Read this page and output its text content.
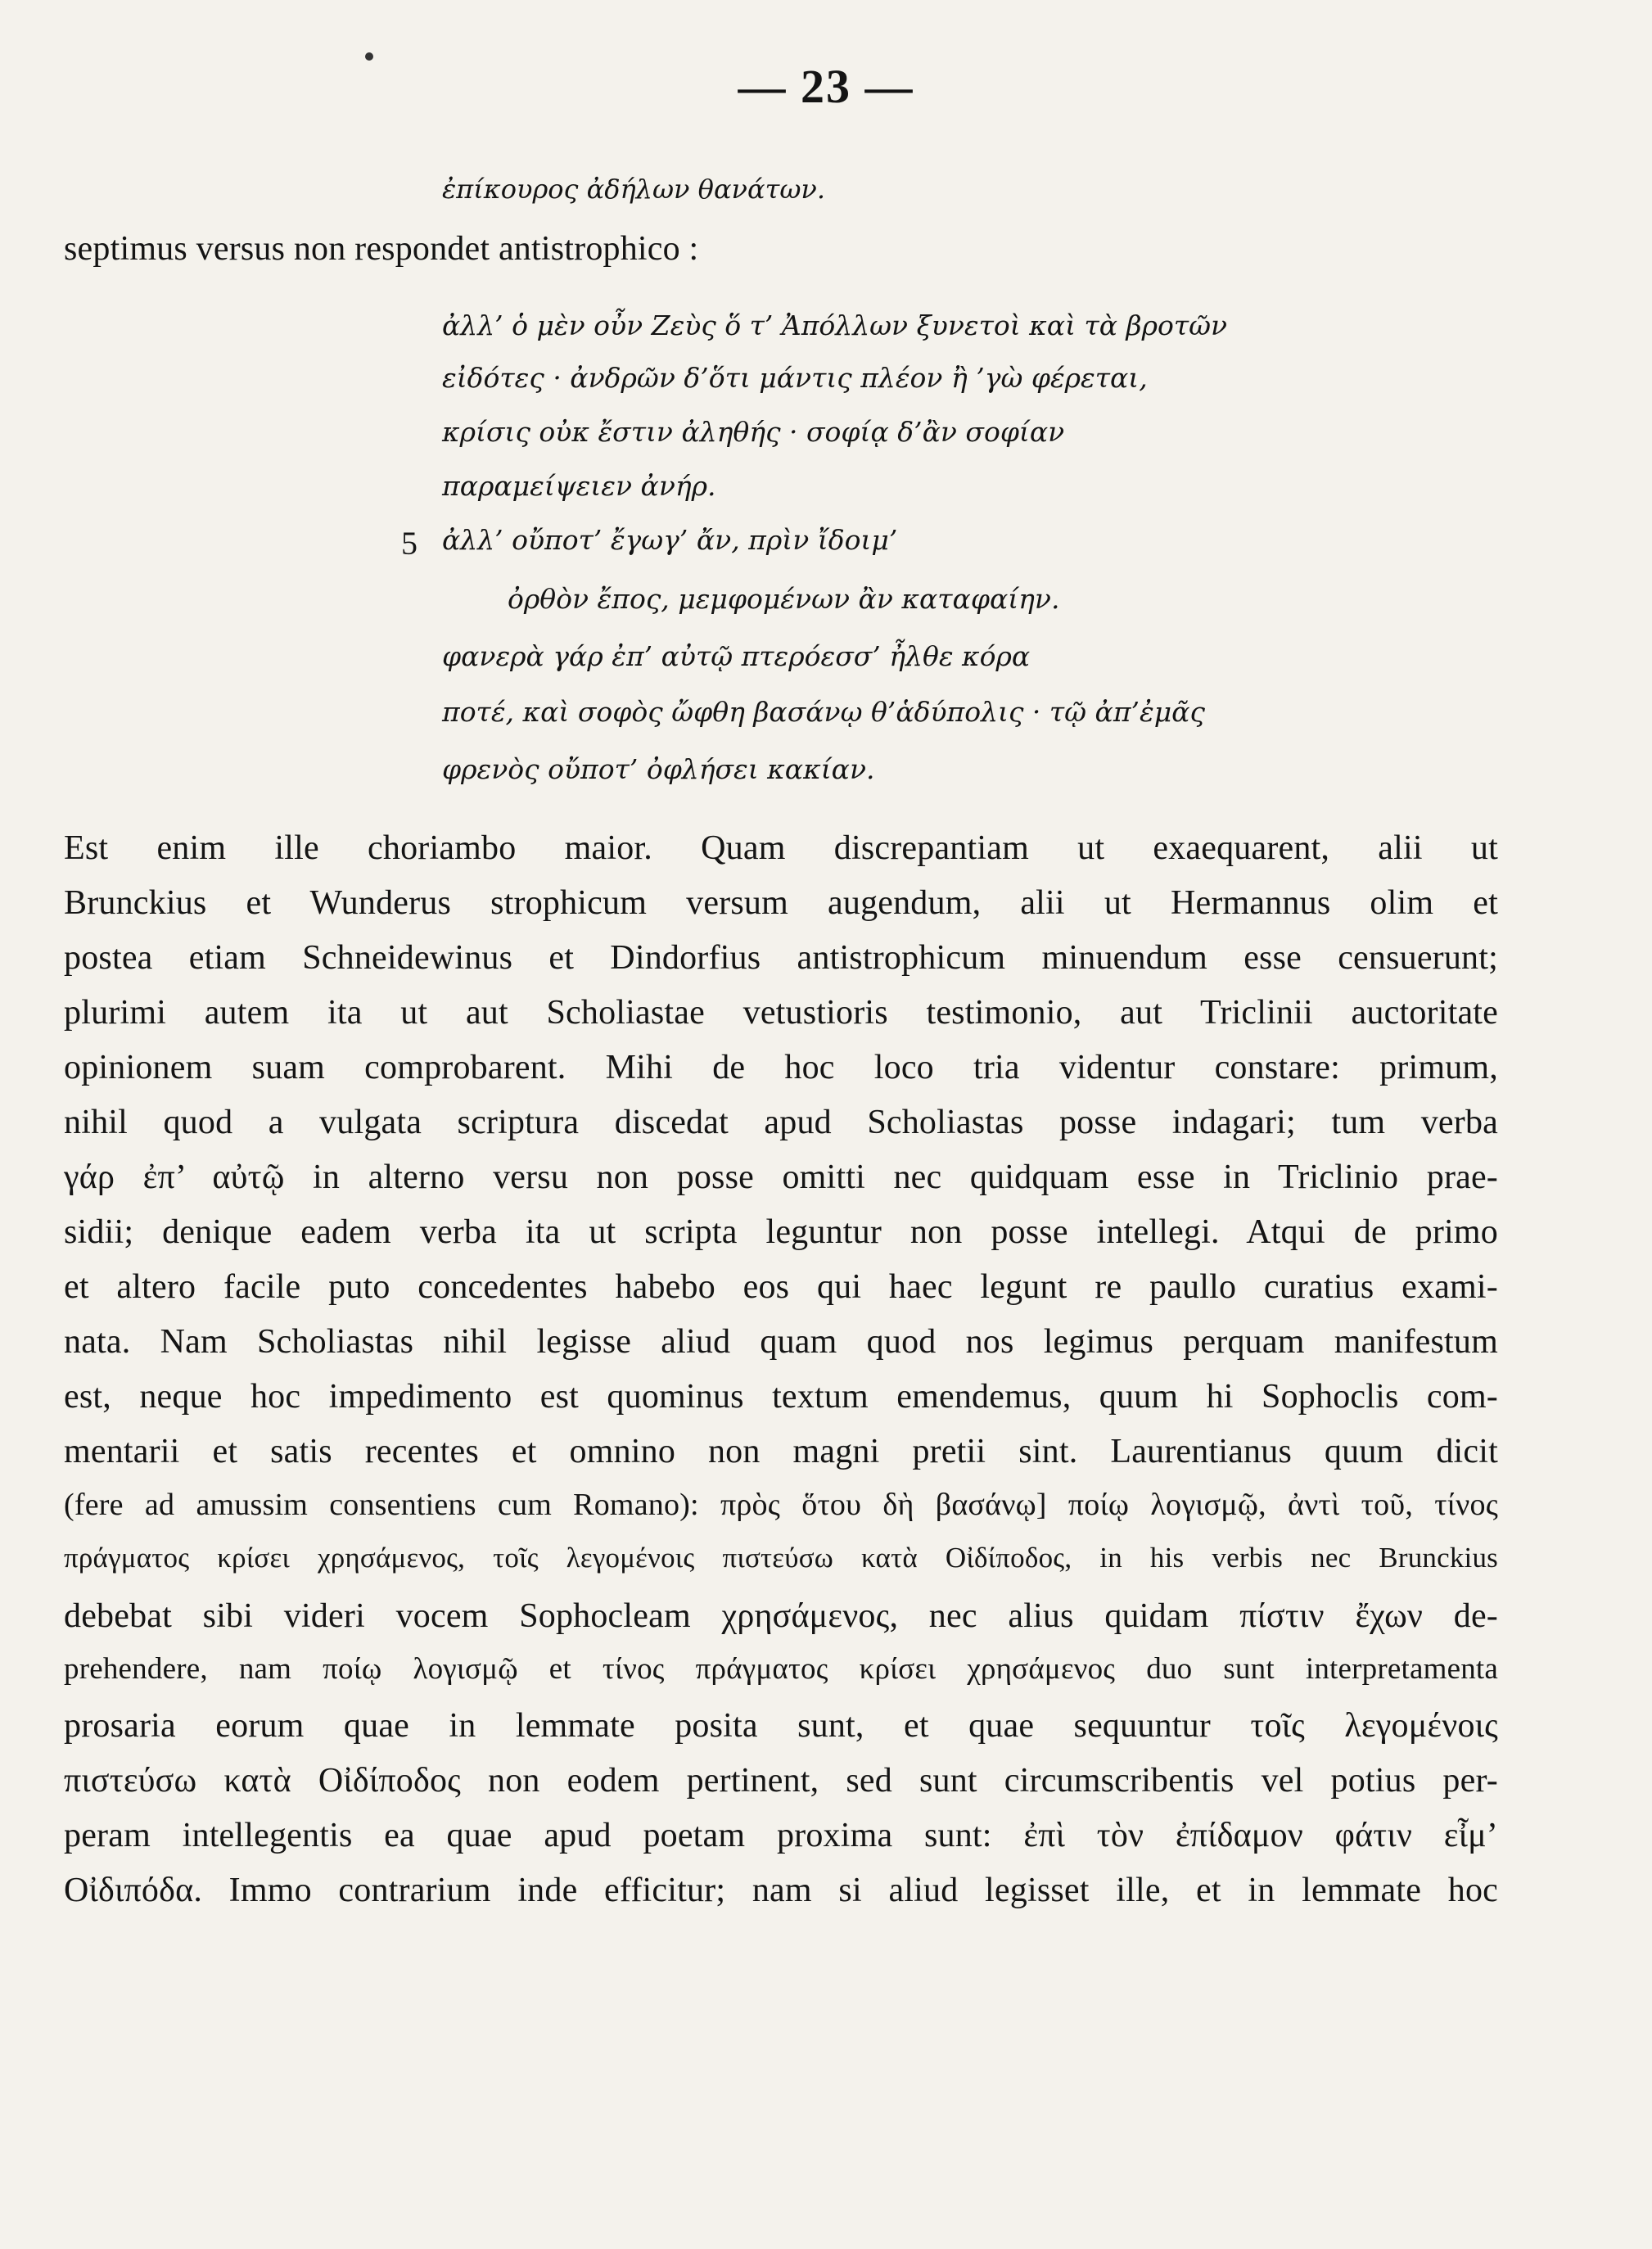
— 23 —
ἐπίκουρος ἀδήλων θανάτων.
septimus versus non respondet antistrophico :
ἀλλ’ ὁ μὲν οὖν Ζεὺς ὅ τ’ Ἀπόλλων ξυνετοὶ καὶ τὰ βροτῶν
εἰδότες · ἀνδρῶν δ’ὅτι μάντις πλέον ἢ ’γὼ φέρεται,
κρίσις οὐκ ἔστιν ἀληθής · σοφίᾳ δ’ἂν σοφίαν
παραμείψειεν ἀνήρ.
5 ἀλλ’ οὔποτ’ ἔγωγ’ ἄν, πρὶν ἴδοιμ’
ὀρθὸν ἔπος, μεμφομένων ἂν καταφαίην.
φανερὰ γάρ ἐπ’ αὐτῷ πτερόεσσ’ ἦλθε κόρα
ποτέ, καὶ σοφὸς ὤφθη βασάνῳ θ’ἁδύπολις · τῷ ἀπ’ἐμᾶς
φρενὸς οὔποτ’ ὀφλήσει κακίαν.
Est enim ille choriambo maior. Quam discrepantiam ut exaequarent, alii ut
Brunckius et Wunderus strophicum versum augendum, alii ut Hermannus olim et
postea etiam Schneidewinus et Dindorfius antistrophicum minuendum esse censuerunt;
plurimi autem ita ut aut Scholiastae vetustioris testimonio, aut Triclinii auctoritate
opinionem suam comprobarent. Mihi de hoc loco tria videntur constare: primum,
nihil quod a vulgata scriptura discedat apud Scholiastas posse indagari; tum verba
γάρ ἐπ’ αὐτῷ in alterno versu non posse omitti nec quidquam esse in Triclinio prae-
sidii; denique eadem verba ita ut scripta leguntur non posse intellegi. Atqui de primo
et altero facile puto concedentes habebo eos qui haec legunt re paullo curatius exami-
nata. Nam Scholiastas nihil legisse aliud quam quod nos legimus perquam manifestum
est, neque hoc impedimento est quominus textum emendemus, quum hi Sophoclis com-
mentarii et satis recentes et omnino non magni pretii sint. Laurentianus quum dicit
(fere ad amussim consentiens cum Romano): πρὸς ὅτου δὴ βασάνῳ] ποίῳ λογισμῷ, ἀντὶ τοῦ, τίνος
πράγματος κρίσει χρησάμενος, τοῖς λεγομένοις πιστεύσω κατὰ Οἰδίποδος, in his verbis nec Brunckius
debebat sibi videri vocem Sophocleam χρησάμενος, nec alius quidam πίστιν ἔχων de-
prehendere, nam ποίῳ λογισμῷ et τίνος πράγματος κρίσει χρησάμενος duo sunt interpretamenta
prosaria eorum quae in lemmate posita sunt, et quae sequuntur τοῖς λεγομένοις
πιστεύσω κατὰ Οἰδίποδος non eodem pertinent, sed sunt circumscribentis vel potius per-
peram intellegentis ea quae apud poetam proxima sunt: ἐπὶ τὸν ἐπίδαμον φάτιν εἶμ’
Οἰδιπόδα. Immo contrarium inde efficitur; nam si aliud legisset ille, et in lemmate hoc
